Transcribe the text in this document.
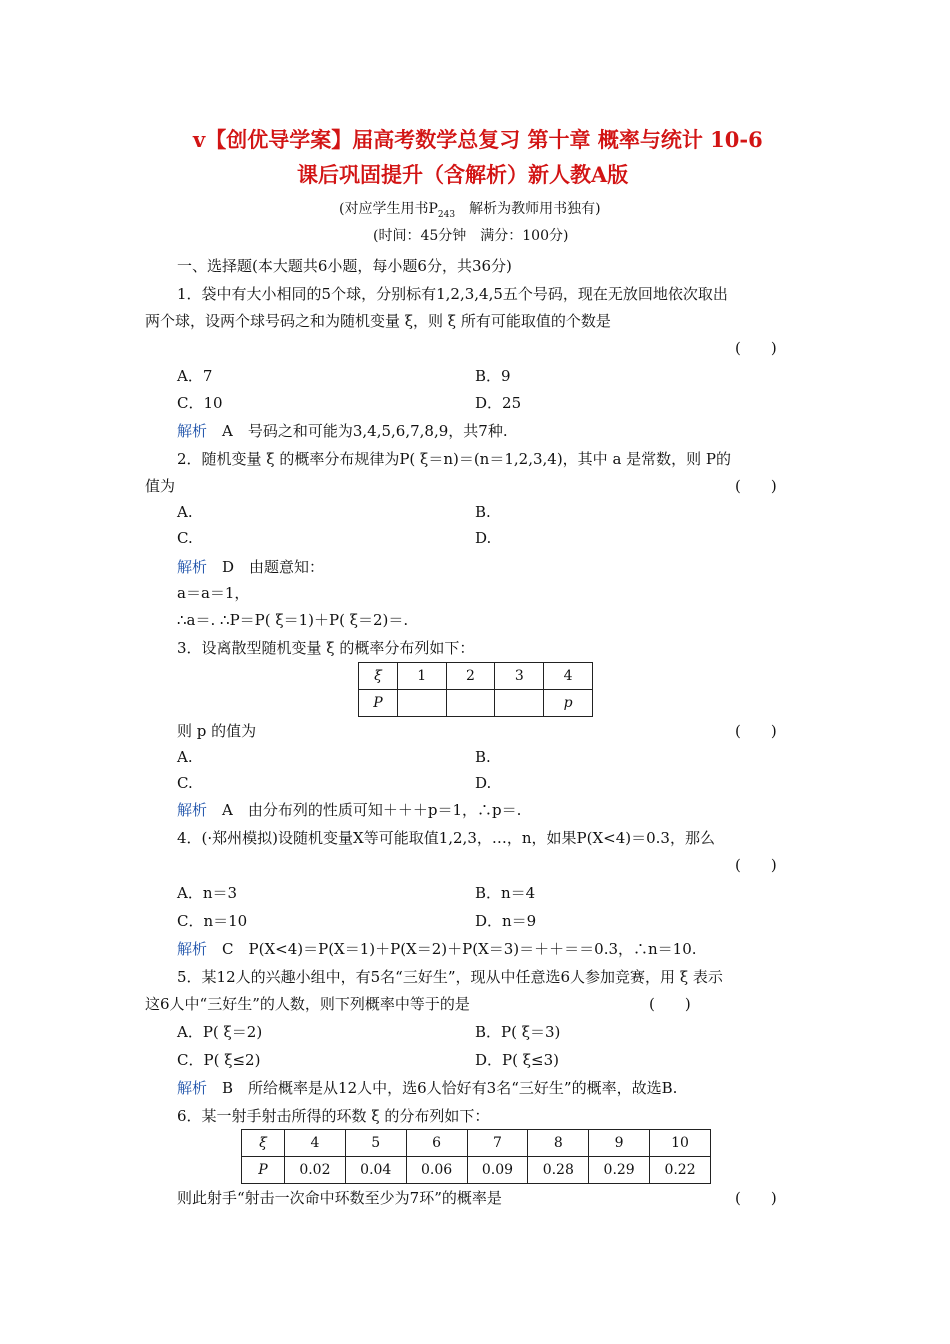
v【创优导学案】届高考数学总复习 第十章 概率与统计 10-6
课后巩固提升（含解析）新人教A版
(对应学生用书$P_{243}$　解析为教师用书独有)
(时间：45分钟　满分：100分)
一、选择题(本大题共6小题，每小题6分，共36分)
1．袋中有大小相同的5个球，分别标有1,2,3,4,5五个号码，现在无放回地依次取出
两个球，设两个球号码之和为随机变量 ξ，则 ξ 所有可能取值的个数是
(　　)
A．7	B．9
C．10	D．25
解析　 A　号码之和可能为3,4,5,6,7,8,9，共7种.
2．随机变量 ξ 的概率分布规律为P( ξ＝n)＝(n＝1,2,3,4)，其中 a 是常数，则 P的
值为	(　　)
A.	B.
C.	D.
解析　 D　由题意知：
a＝a＝1，
∴a＝. ∴P＝P( ξ＝1)＋P( ξ＝2)＝.
3．设离散型随机变量 ξ 的概率分布列如下：
ξ	1	2	3	4
P				p
则 p 的值为	(　　)
A.	B.
C.	D.
解析　 A　由分布列的性质可知＋＋＋p＝1，∴p＝.
4．(·郑州模拟)设随机变量X等可能取值1,2,3，…，n，如果P(X<4)＝0.3，那么
(　　)
A．n＝3	B．n＝4
C．n＝10	D．n＝9
解析　 C　P(X<4)＝P(X＝1)＋P(X＝2)＋P(X＝3)＝＋＋＝＝0.3，∴n＝10.
5．某12人的兴趣小组中，有5名“三好生”，现从中任意选6人参加竞赛，用 ξ 表示
这6人中“三好生”的人数，则下列概率中等于的是	(　　)
A．P( ξ＝2)	B．P( ξ＝3)
C．P( ξ≤2)	D．P( ξ≤3)
解析　 B　所给概率是从12人中，选6人恰好有3名“三好生”的概率，故选B.
6．某一射手射击所得的环数 ξ 的分布列如下：
ξ	4	5	6	7	8	9	10
P	0.02	0.04	0.06	0.09	0.28	0.29	0.22
则此射手“射击一次命中环数至少为7环”的概率是	(　　)
